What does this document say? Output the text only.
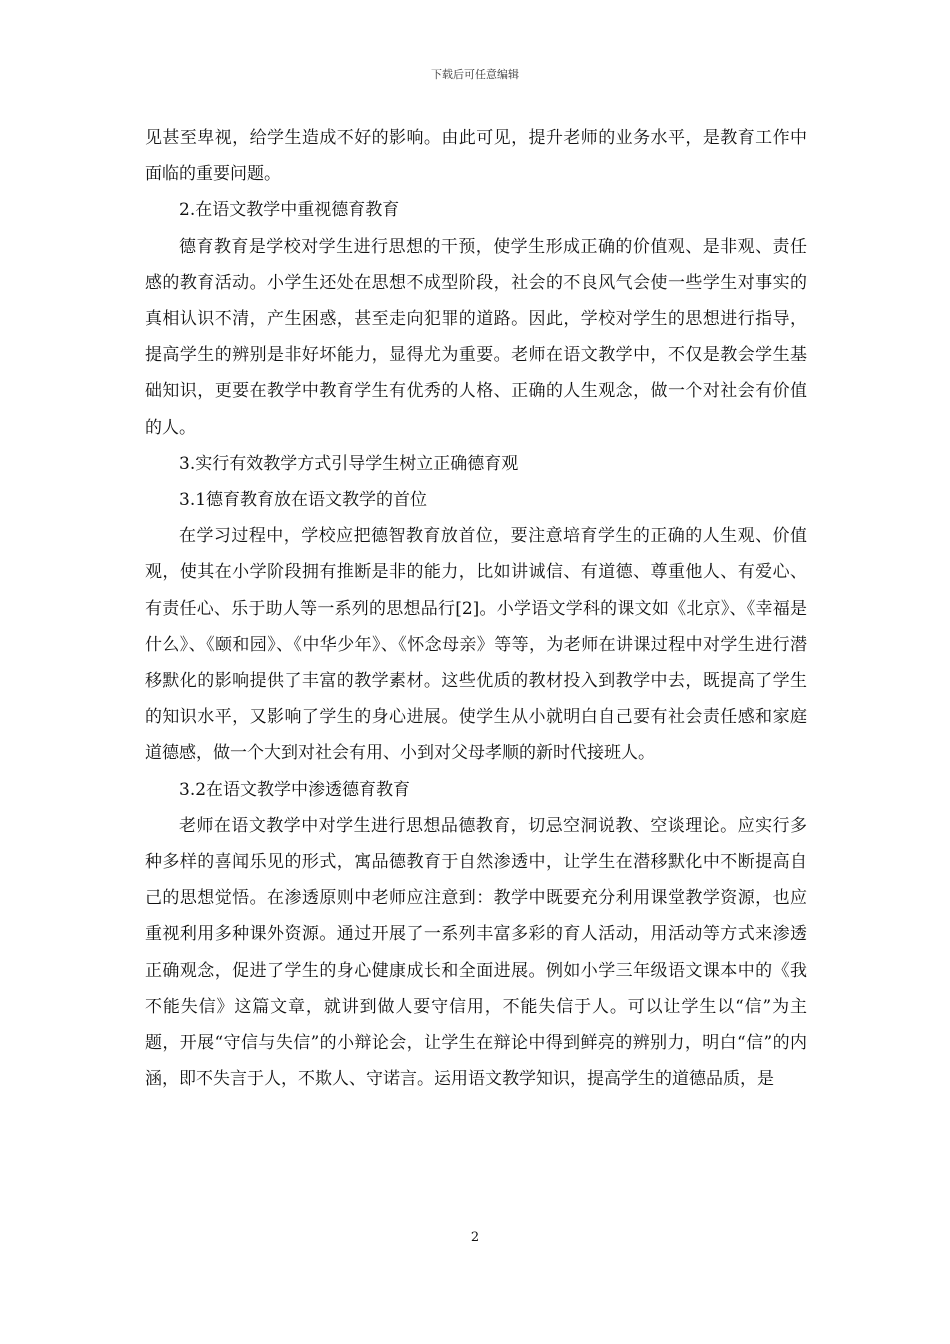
下载后可任意编辑

见甚至卑视，给学生造成不好的影响。由此可见，提升老师的业务水平，是教育工作中面临的重要问题。

2.在语文教学中重视德育教育

德育教育是学校对学生进行思想的干预，使学生形成正确的价值观、是非观、责任感的教育活动。小学生还处在思想不成型阶段，社会的不良风气会使一些学生对事实的真相认识不清，产生困惑，甚至走向犯罪的道路。因此，学校对学生的思想进行指导，提高学生的辨别是非好坏能力，显得尤为重要。老师在语文教学中，不仅是教会学生基础知识，更要在教学中教育学生有优秀的人格、正确的人生观念，做一个对社会有价值的人。

3.实行有效教学方式引导学生树立正确德育观

3.1德育教育放在语文教学的首位

在学习过程中，学校应把德智教育放首位，要注意培育学生的正确的人生观、价值观，使其在小学阶段拥有推断是非的能力，比如讲诚信、有道德、尊重他人、有爱心、有责任心、乐于助人等一系列的思想品行[2]。小学语文学科的课文如《北京》、《幸福是什么》、《颐和园》、《中华少年》、《怀念母亲》等等，为老师在讲课过程中对学生进行潜移默化的影响提供了丰富的教学素材。这些优质的教材投入到教学中去，既提高了学生的知识水平，又影响了学生的身心进展。使学生从小就明白自己要有社会责任感和家庭道德感，做一个大到对社会有用、小到对父母孝顺的新时代接班人。

3.2在语文教学中渗透德育教育

老师在语文教学中对学生进行思想品德教育，切忌空洞说教、空谈理论。应实行多种多样的喜闻乐见的形式，寓品德教育于自然渗透中，让学生在潜移默化中不断提高自己的思想觉悟。在渗透原则中老师应注意到：教学中既要充分利用课堂教学资源，也应重视利用多种课外资源。通过开展了一系列丰富多彩的育人活动，用活动等方式来渗透正确观念，促进了学生的身心健康成长和全面进展。例如小学三年级语文课本中的《我不能失信》这篇文章，就讲到做人要守信用，不能失信于人。可以让学生以“信”为主题，开展“守信与失信”的小辩论会，让学生在辩论中得到鲜亮的辨别力，明白“信”的内涵，即不失言于人，不欺人、守诺言。运用语文教学知识，提高学生的道德品质，是

2
